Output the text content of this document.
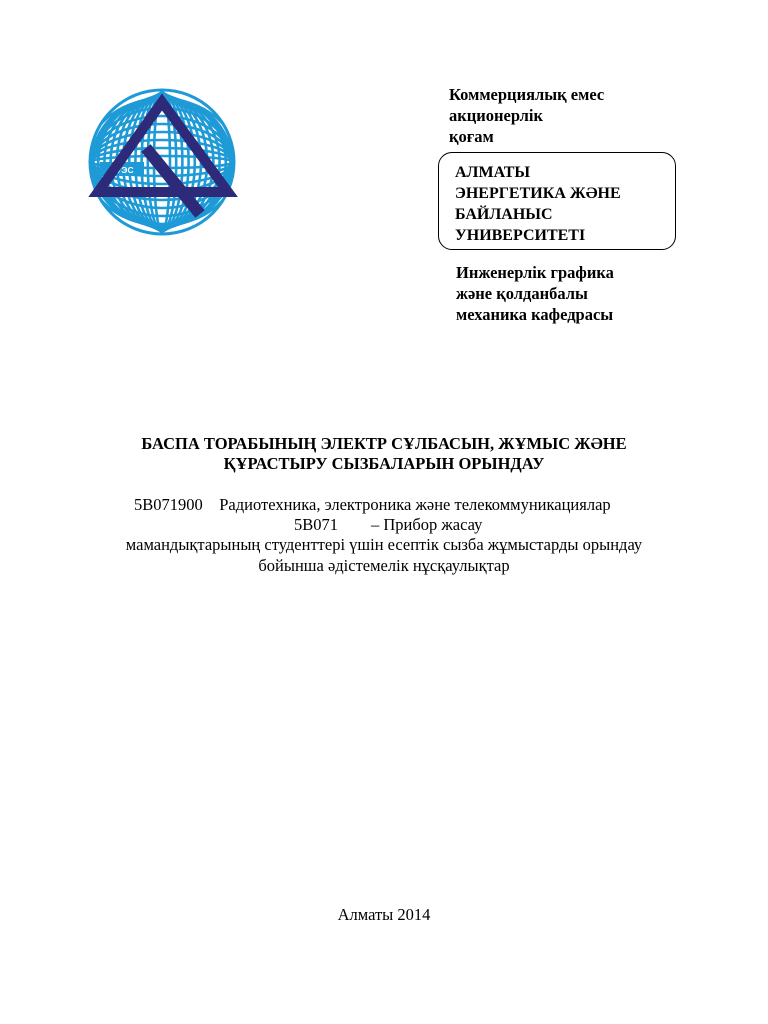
АУЭС
Коммерциялық емес
акционерлік
қоғам
АЛМАТЫ
ЭНЕРГЕТИКА ЖӘНЕ
БАЙЛАНЫС
УНИВЕРСИТЕТІ
Инженерлік графика
және қолданбалы
механика кафедрасы
БАСПА ТОРАБЫНЫҢ ЭЛЕКТР СҰЛБАСЫН, ЖҰМЫС ЖӘНЕ
ҚҰРАСТЫРУ СЫЗБАЛАРЫН ОРЫНДАУ
5В071900    Радиотехника, электроника және телекоммуникациялар
5В071        – Прибор жасау
мамандықтарының студенттері үшін есептік сызба жұмыстарды орындау
бойынша әдістемелік нұсқаулықтар
Алматы 2014
